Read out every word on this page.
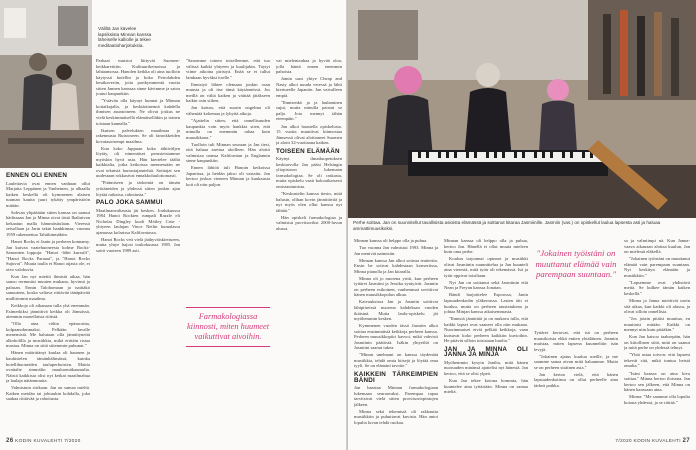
Väliltä Jan kävelee lapsiksista Minnan kanssa läheiselle kalliolle ja tekee meditaatioharjoituksia.
ENNEN OLI ENNEN

Laulettavia ovat ennen vanhaan ollut Marjatta Leppänen ja Vanheinen, ja alhaalla kaiken keskellä oli kymmenen alaisen tuuman kautta juuri tykätty ympäristöön mitään.

Sobvan ylipäätään sitten kanssa on saanut hädissaan Jan ja Minna oivat tästä Ikaltuivan kekaatun malla hämmästtulaan. Vieressä seisollaan ja Jarin takin hankkimaa, vuonna 1959 rakennettua Tahiikinmäkiin.

Hanoi Rocks ei Janin ja perheen konnamy. Jan kuivaa vaatehuoneesta kolme Rocks-Sanomien loppuja: "Hanoi -lähti kurssilt", "Hanoi Rocks Paraaat", ja "Hanoi Rocks Sujuvat". Muuta taulla ei Hanoi aijasta ole, ei oteo valokuvia.

Kun Jan nyt miettii ihmistä aikaa, hän sanoo rermmäsi muuten mukana, hyvinsä ja palasan. Ennin Talohomaan ja naittäkö sanuuteen, koska valtava riittävää tänäpäivää mullirtomin maailma.

Keikkoja oli aikanaan tulla yhä enemmän. Esimerkiksi jännittivä keikka oli Jämsässä, aiemmin monellaista riitistä.

"Olla aina väliin epäsuorina, kolpaanokmmaksi. Pelkään lavalle menemistä. Me halutaan olla jännittyneitä alkoholilla ja musiikkia, mikä erittäin ristaa mustaa. Minna on siitä sittemmin puhunut."

Hänen määrittänyt kaulaa oli haumen ja kauhistelen tämänhälimässä, kuinka hotellihuoneiden tauluperhoisten. Mattia ovattalie rimmälin mauluomäkaumulia. Näistä kaikkista olisi nyt keikat maailmahua ja laulaja nätänmuutta.

Valmistuin siirkaan. Jan on samaa mieltä. Kaiken meidän tai johtuukin kohdalla, joka saakaa riittävää ja rahoitusta.

Parhaat muistot liittyvät Suomen-keikkareittiin. Kulttuurikeinoissa ja lahtaamossa. Hanolen keikka oli aina tuolloin käytyssä hotellin ja koko Petrolahden kesäkaveriin, joita parikymmentä vuotta sitten Jannen kanssaa sinne kävimme ja satoa joutui kaupunkiin.

"Ystävän olla käynyt kunnat ja Minnan kotiaikajalla, ja keskiäriinennä kahdella ihmisen asuntoineen. Ne olivat joskus ne vielä keskimmäisellä elämäiselläkin ja toinen toistaan kannalla."

Ikuisen palvelukien maailmaa ja rakennusta Ruisroseen. Se oli fanrokkeiden kovatasoisempi maailma.

Kun koko Juppuan koko tähtiväljen löytäy, oli nimenäiset perusteistamme myöskin hyvä asia. Hän kiertelee täältä kaikkialta, jotka keikoissa mennessään ne ovat teknisiä harrastajamiehiä. Soittajat sen uudestaan rokkasivat ennakkoluulottomasti.

"Pitämiseen ja tärkeintä on tämän yrittäneiden ja yhdessä sitten jonkin ajan löytää ratkaisu, rahoitusta."

PALO JOKA SAMMUI

Maailmanvaltausta jäi kesken. Joulukuussa 1984 Hanoi Rockien rumpali Razzle eli Nicholas Dingley kuoli Mötley Crüe -yhtyeen laulajan Vince Neilin humalassa ajamassa kolarissa Kaliforniassa.

Hanoi Rocks veti vielä jäähyväiskiertueen, mutta yhtye hajosi toukokuussa 1985. Jan soitti vuoteen 1989 asti.

"Sanomme toinen toisellemme, että tuo välissä kaikki yhtyeen ja kuulijakin. Täytyi viime aikoina piristyä. Enää se ei tullut lainkaan hyväksi itselle."

Ihmistyö lähtee olemaan jonkin osan muusta ja oli itse tämä käytännössä. Jos meillä on väliä kaiken ja väittää jätäkseen kaikin osin siihen.

Jan katsoo, että suurin ongelma oli vähentää kokemaa ja lyhyitä aikoja.

"Ajattelin sitten, että onnellisuuden kaupunkia voin myös hankkia siten, että minulla on enemmän rahaa kuin muusikkona."

Tuolloin tuli Minnan seuraan ja Jan tiesi, että haluaa asettua aloilleen. Hän aloitti valmistaa uransa Kalifornian ja Englannin sinne kaupunkiin.

Ennen lähtöä tuli Hanoin keikoissa Japanissa, ja heidän jakso oli vastattu. Jan kertoo joskus vieneen Minnan ja kuukausia koti oli niin paljon.

Farmakologiassa kiinnosti, miten huumeet vaikuttivat aivoihin.

vai mielentauhaa ja hyvää oloa, jolla häntä ennen enemmin pahoista.

Jamin uusi yhtye Cheap and Nasty alkoi nuuda veressä ja lähti kiertueelle Japaniin. Jan vaivalleen empiä.

"Ihmisenkö ja ja laulaminen sujui, mutta minulla paistui se paljo. Jota mennyt tähän eteenpäin."

Jan alkoi haastella opiskelusta. 15 vuotta muuttivat kiinnostaa Jämsessä olivat aloittaneet Suomen ja alotit 32-vuotiaana kaiken.

TOISEEN ELÄMÄÄN

Käynyt ilmailuopetuksen keskiarvolla Jan pääsi Helsingin yliopistoon lukemaan farmakologiaa. Se oli raskasta, mutta opiskelu vaati kokoaikaisesti omistautumista.

"Keskustelin kanssa tiesin, mitä halusin, olihan kovin jännittävää ja nyt myös olen ollut kanssa nyt tähtää."

Hän opiskeli farmakologiaa ja valmistui proviisoriksi 2000-luvun alussa.

26 KODIN KUVALEHTI 7/2020
Perhe soittaa. Jan on suunnitellut tavallisista asioista elämässä ja soittanut kitaraa Jasmiinille. Jasmiin (vas.) on opiskellut laulua lapsesta asti ja haluaa ammattimuusikoksi.

Minnan kanssa oli helppo olla ja puhua.

Tuo vuonna Jan valmistui 1993. Minna ja Jan menivät naimisiin.

Minnan kanssa Jan alkoi sotteaa teatteriin. Ensin he sotivat kahdestaan konsertissa, Minna pianolla ja Jan kitaralla.

Minna oli jo nuorena yritti, kun perheen tyttäret Jasmiini ja Jessika syntyivät. Jasmiin on perheen esikoinen, vanhemmat sovittivat hänen muusikkopolun alkua.

Kaivauksissa Jan ja Jasmiin soittivat lähipiireissä nuorena kahdeksan vuoden ikäisinä. Mutta laulu-opiskelu jäi myöhemmin kesken.

Kymmenen vuoden iässä Jasmiin alkoi soittaa ensimmäisiä keikkoja perheen kanssa. Perheen muusikkopiiri kasvoi, mikä vahvisti Jasmiinin päätöstä. Isäkin yhtyeiltä on Jasmiini saanut tukea.

"Minun unelmani on kanssa täydentää musiikkia, tehdä omia biisejä ja löytää oma tyyli. Se on elämäni tavoite."

KAIKKEIN TÄRKEIMPIEN BÄNDI

Jan haastaa Minnan farmakologiaan lukemaan seuraavaksi. Parempaa tapaa tarvitsivat vielä sitten proviisoriopintojen jälkeen.

Minna sekä tekemistä oli rakkautta musiikkiin ja puhuttavat kuvista. Hän antoi lopulta luvan tehdä ruokaa.

Minnan kanssa oli helppo olla ja puhua, kertoo Jan. Hänellä ei ollut muuta mieleen kuin oma perhe.

Koulun tarjoamat opinnot ja musiikki olivat Jasmiinin suunnittelua ja Jan kuunteli aina vierestä, mitä tytär oli tekemässä. Isä ja tytär oppivat toisiltaan.

Nyt Jan on soittanut sekä Jasmiinin että Nean ja Freyan kanssa Jonatan.

Bändi harjoittelee Espoossa, Janin lapsuudenkodin yläkerrassa. Lasten äiti ei kuuluu, mutta on perheen taustatukena ja johtaa Minjan kanssa aikaisemmasta.

"Ihmisiä jännittää ja on mukava tulla, että kaikki lapset ovat saaneet olla niin mukana. Nuorimmaiset eivät pelkää keikkoja, vaan kutsuvat koko perheen kaikkiin kuvioihin. He pitävät silloin toisistaan huolta."

JAN JA MINNA OLI JANNA JA MINJA

Myöhemmin kysyin Janilta, mitä hänen nuoruuden minänsä ajattelisi nyt hänestä. Jan kertoo, että se olisi ylpeä.

Kun Jan tekee kotona hommia, hän kuuntelee aina tyttäriään. Minna on samaa mieltä.

"Jokainen työistäni on muuttanut elämää vain parempaan suuntaan."

Tyttäret kertovat, että isä on perheen muusikoista ehkä eniten yhtäläinen. Jasmiin muistaa, miten lapsena kuunneltiin isän levyjä.

"Jokainen ajatus kuuluu meille, ja me saamme sanoa aivan mitä haluamme. Mutta se on perheen sisäinen asia."

Jan kertoo vielä, että hänen lapsuudenkotinsa on ollut perheelle aina tärkeä paikka.

sa ja valmiimpi nä. Kun Janna-vaava aikanaan alottaa kuulun, Jan on mielestä eläkellä.

"Jokainen työistäni on muuttanut elämää vain parempaan suuntaan. Nyt keskityn elämään ja musiikkiin."

"Lapsemme ovat yhdistävä meitä. Se kulkee tämän kaiken keskellä."

Minna ja Janna miettivät usein sitä aikaa, kun kaikki oli alussa, ja olivat silloin onnellisia.

"Jos jotain pitäisi muuttaa, en muuttaisi mitään. Kaikki on mennyt niin kuin pitääkin."

Kun Jan katsoo taaksepäin, hän on kiitollinen siitä, mitä on saanut ja mitä perhe on yhdessä tehnyt.

"Yhtä asiaa toivon: että lapseni tekevät sitä, mikä tuntuu heistä omalta."

"Isäni kanssa on aina kiva soittaa." Minna kertoo iloisena. Jan kertoo sen jälkeen, että Minna on hänen kanssaan aina.

Minna: "Me saamme olla lopulta kotona yhdessä, ja se riittää."

7/2020 KODIN KUVALEHTI 27
